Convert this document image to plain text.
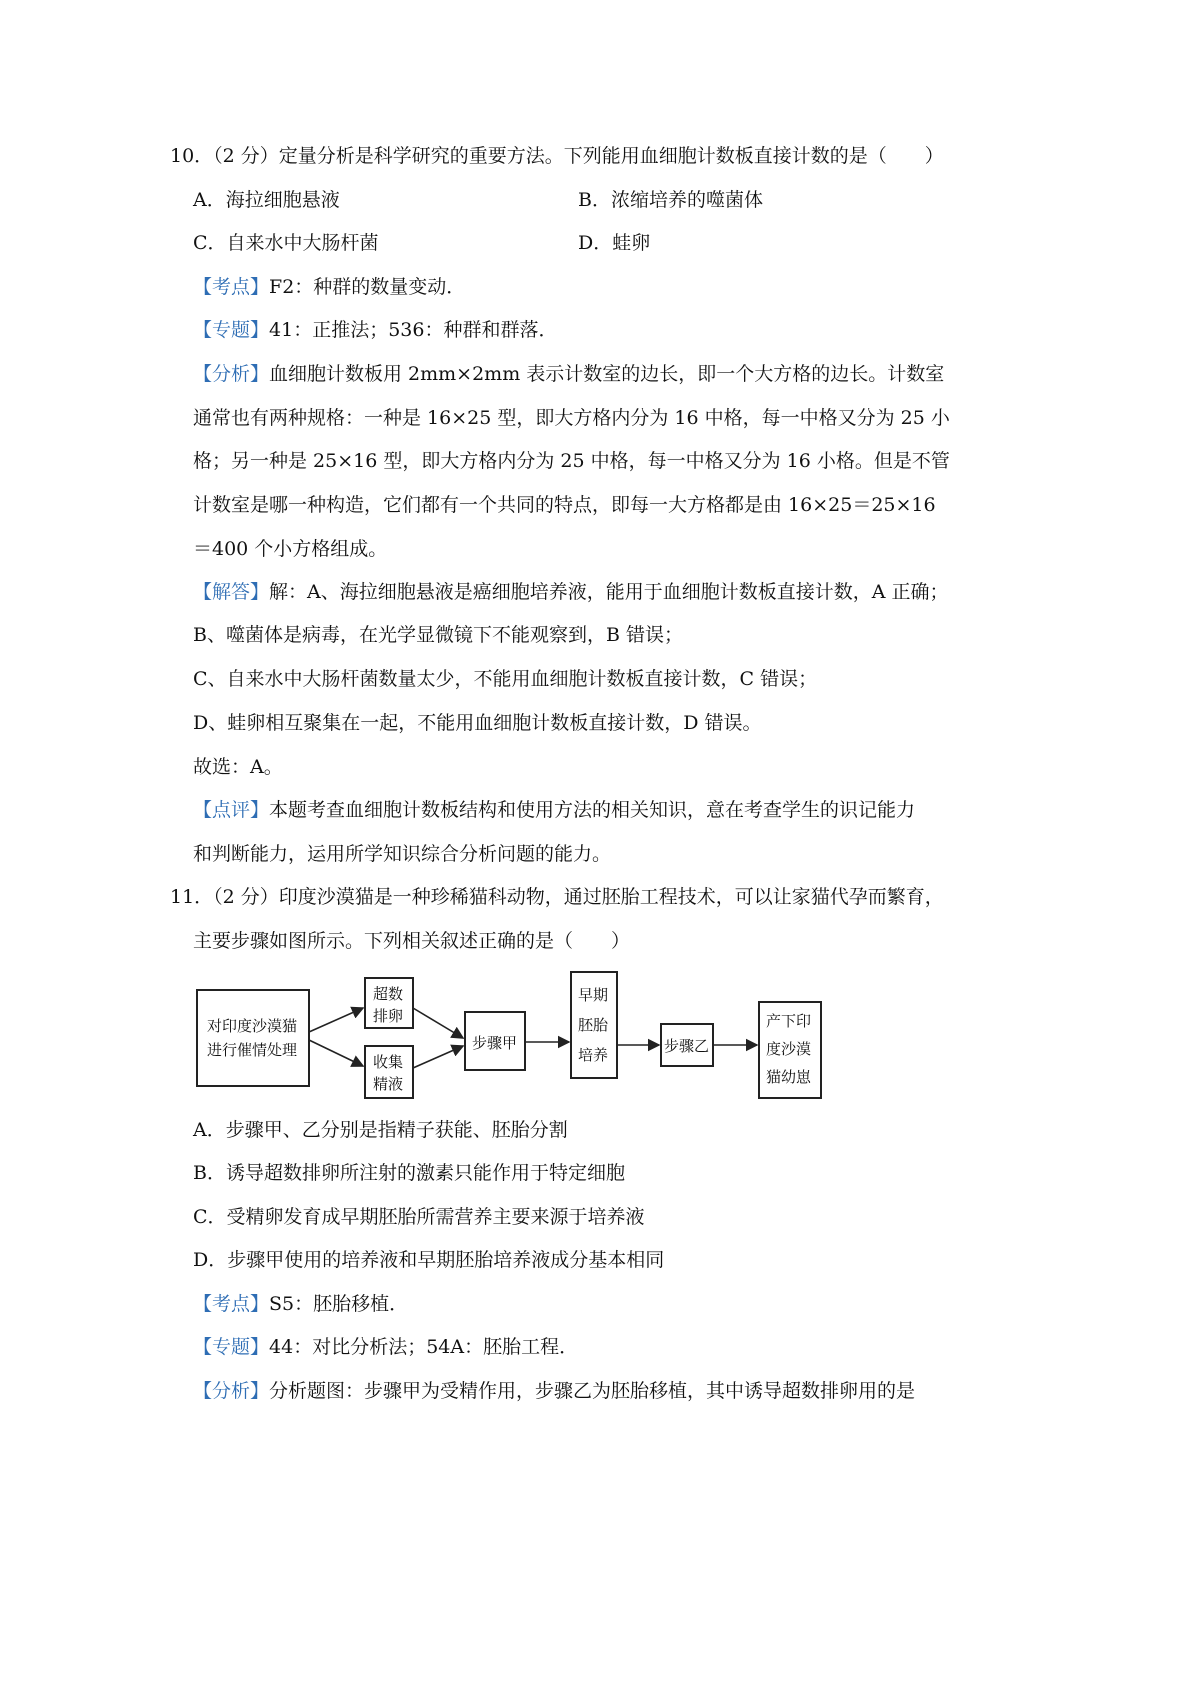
10．（2 分）定量分析是科学研究的重要方法。下列能用血细胞计数板直接计数的是（　　）
A．海拉细胞悬液	B．浓缩培养的噬菌体
C．自来水中大肠杆菌	D．蛙卵
【考点】F2：种群的数量变动．
【专题】41：正推法；536：种群和群落．
【分析】血细胞计数板用 2mm×2mm 表示计数室的边长，即一个大方格的边长。计数室
通常也有两种规格：一种是 16×25 型，即大方格内分为 16 中格，每一中格又分为 25 小
格；另一种是 25×16 型，即大方格内分为 25 中格，每一中格又分为 16 小格。但是不管
计数室是哪一种构造，它们都有一个共同的特点，即每一大方格都是由 16×25＝25×16
＝400 个小方格组成。
【解答】解：A、海拉细胞悬液是癌细胞培养液，能用于血细胞计数板直接计数，A 正确；
B、噬菌体是病毒，在光学显微镜下不能观察到，B 错误；
C、自来水中大肠杆菌数量太少，不能用血细胞计数板直接计数，C 错误；
D、蛙卵相互聚集在一起，不能用血细胞计数板直接计数，D 错误。
故选：A。
【点评】本题考查血细胞计数板结构和使用方法的相关知识，意在考查学生的识记能力
和判断能力，运用所学知识综合分析问题的能力。
11．（2 分）印度沙漠猫是一种珍稀猫科动物，通过胚胎工程技术，可以让家猫代孕而繁育，
主要步骤如图所示。下列相关叙述正确的是（　　）
对印度沙漠猫
进行催情处理
超数
排卵
收集
精液
步骤甲
早期
胚胎
培养	步骤乙
产下印
度沙漠
猫幼崽
A．步骤甲、乙分别是指精子获能、胚胎分割
B．诱导超数排卵所注射的激素只能作用于特定细胞
C．受精卵发育成早期胚胎所需营养主要来源于培养液
D．步骤甲使用的培养液和早期胚胎培养液成分基本相同
【考点】S5：胚胎移植．
【专题】44：对比分析法；54A：胚胎工程．
【分析】分析题图：步骤甲为受精作用，步骤乙为胚胎移植，其中诱导超数排卵用的是
